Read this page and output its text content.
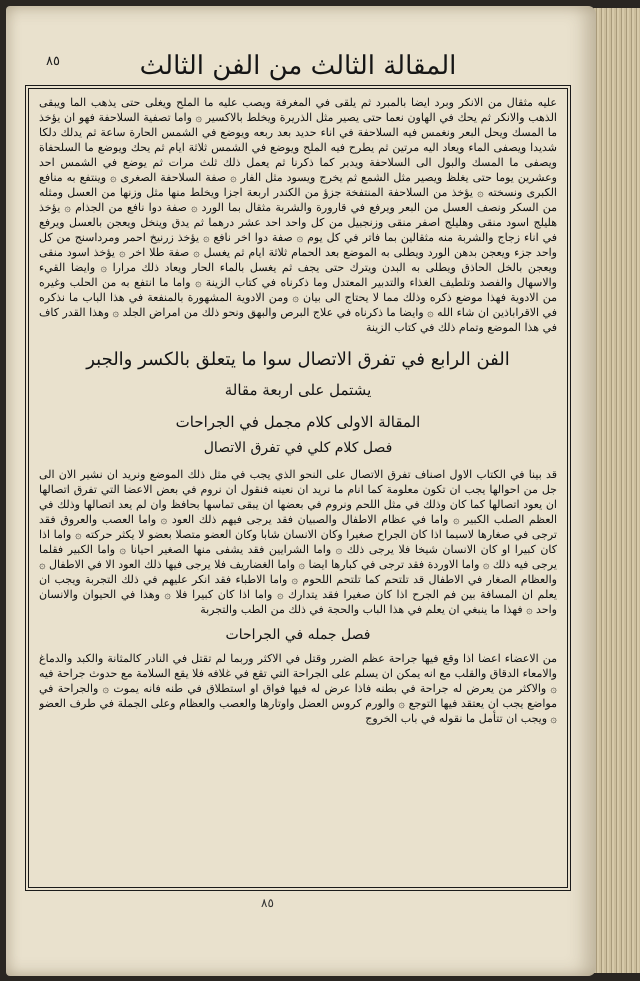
٨٥	المقالة الثالث من الفن الثالث

عليه مثقال من الانكر وبرد ايضا بالمبرد ثم يلقى في المغرفة ويصب عليه ما الملح ويغلى حتى يذهب الما ويبقى الذهب والانكر ثم يحك في الهاون نعما حتى يصير مثل الذريرة ويخلط بالاكسير ۞ واما تصفية السلاحفة فهو ان يؤخذ ما المسك ويحل البعر ونغمس فيه السلاحفة في اناء حديد بعد ربعه ويوضع في الشمس الحارة ساعة ثم يدلك دلكا شديدا ويصفى الماء ويعاد اليه مرتين ثم يطرح فيه الملح ويوضع في الشمس ثلاثة ايام ثم يحك ويوضع ما السلحفاة ويصفى ما المسك والبول الى السلاحفة ويدبر كما ذكرنا ثم يعمل ذلك ثلث مرات ثم يوضع في الشمس احد وعشرين يوما حتى يغلظ ويصير مثل الشمع ثم يخرج ويسود مثل الفار ۞ صفة السلاحفة الصغرى ۞ وينتفع به منافع الكبرى ونسخته ۞ يؤخذ من السلاحفة المنتفخة جزؤ من الكندر اربعة اجزا ويخلط منها مثل وزنها من العسل ومثله من السكر ونصف العسل من البعر ويرفع في قارورة والشربة مثقال بما الورد ۞ صفة دوا نافع من الجذام ۞ يؤخذ هليلج اسود منقى وهليلج اصفر منقى وزنجبيل من كل واحد احد عشر درهما ثم يدق وينخل ويعجن بالعسل ويرفع في اناء زجاج والشربة منه مثقالين بما فاتر في كل يوم ۞ صفة دوا اخر نافع ۞ يؤخذ زرنيخ احمر ومرداسنج من كل واحد جزء ويعجن بدهن الورد ويطلى به الموضع بعد الحمام ثلاثة ايام ثم يغسل ۞ صفة طلا اخر ۞ يؤخذ اسود منقى ويعجن بالخل الحاذق ويطلى به البدن ويترك حتى يجف ثم يغسل بالماء الحار ويعاد ذلك مرارا ۞ وايضا القيء والاسهال والفصد وتلطيف الغذاء والتدبير المعتدل وما ذكرناه في كتاب الزينة ۞ واما ما انتفع به من الحلب وغيره من الادوية فهذا موضع ذكره وذلك مما لا يحتاج الى بيان ۞ ومن الادوية المشهورة بالمنفعة في هذا الباب ما نذكره في الاقراباذين ان شاء الله ۞ وايضا ما ذكرناه في علاج البرص والبهق ونحو ذلك من امراض الجلد ۞ وهذا القدر كاف في هذا الموضع وتمام ذلك في كتاب الزينة

الفن الرابع في تفرق الاتصال سوا ما يتعلق بالكسر والجبر
يشتمل على اربعة مقالة
المقالة الاولى كلام مجمل في الجراحات
فصل كلام كلي في تفرق الاتصال

قد بينا في الكتاب الاول اصناف تفرق الاتصال على النحو الذي يجب في مثل ذلك الموضع ونريد ان نشير الان الى جل من احوالها يجب ان تكون معلومة كما انام ما نريد ان نعينه فنقول ان نروم في بعض الاعضا التي تفرق اتصالها ان يعود اتصالها كما كان وذلك في مثل اللحم ونروم في بعضها ان يبقى تماسها بحافظ وان لم يعد اتصالها وذلك في العظم الصلب الكبير ۞ واما في عظام الاطفال والصبيان فقد يرجى فيهم ذلك العود ۞ واما العصب والعروق فقد ترجى في صغارها لاسيما اذا كان الجراح صغيرا وكان الانسان شابا وكان العضو متصلا بعضو لا يكثر حركته ۞ واما اذا كان كبيرا او كان الانسان شيخا فلا يرجى ذلك ۞ واما الشرايين فقد يشفى منها الصغير احيانا ۞ واما الكبير فقلما يرجى فيه ذلك ۞ واما الاوردة فقد ترجى في كبارها ايضا ۞ واما الغضاريف فلا يرجى فيها ذلك العود الا في الاطفال ۞ والعظام الصغار في الاطفال قد تلتحم كما تلتحم اللحوم ۞ واما الاطباء فقد انكر عليهم في ذلك التجربة ويجب ان يعلم ان المسافة بين فم الجرح اذا كان صغيرا فقد يتدارك ۞ واما اذا كان كبيرا فلا ۞ وهذا في الحيوان والانسان واحد ۞ فهذا ما ينبغي ان يعلم في هذا الباب والحجة في ذلك من الطب والتجربة

فصل جمله في الجراحات

من الاعضاء اعضا اذا وقع فيها جراحة عظم الضرر وقتل في الاكثر وربما لم تقتل في النادر كالمثانة والكبد والدماغ والامعاء الدقاق والقلب مع انه يمكن ان يسلم على الجراحة التي تقع في غلافه فلا يقع السلامة مع حدوث جراحة فيه ۞ والاكثر من يعرض له جراحة في بطنه فاذا عرض له فيها فواق او استطلاق في طنه فانه يموت ۞ والجراحة في مواضع يجب ان يعتقد فيها التوجع ۞ والورم كروس العضل واوتارها والعصب والعظام وعلى الجملة في طرف العضو ۞ ويجب ان تتأمل ما نقوله في باب الخروج

٨٥
